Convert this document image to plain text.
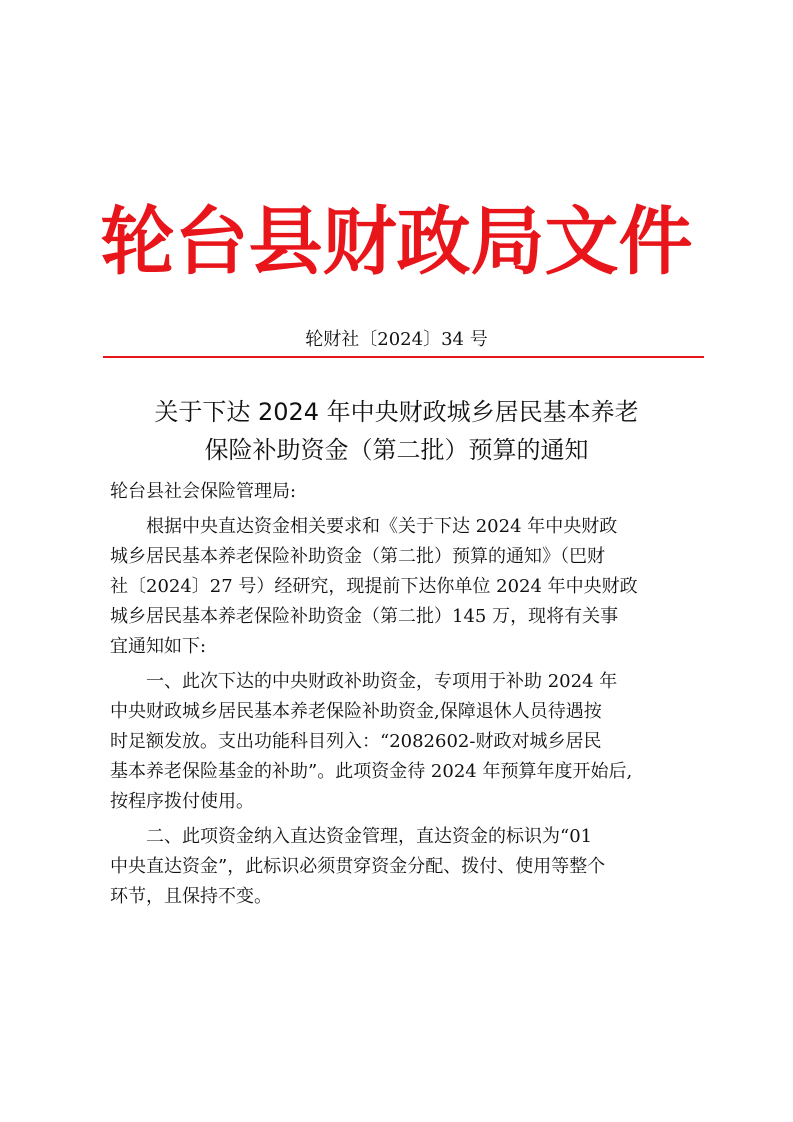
轮台县财政局文件
轮财社〔2024〕34 号
关于下达 2024 年中央财政城乡居民基本养老
保险补助资金（第二批）预算的通知
轮台县社会保险管理局:
根据中央直达资金相关要求和《关于下达 2024 年中央财政
城乡居民基本养老保险补助资金（第二批）预算的通知》（巴财
社〔2024〕27 号）经研究，现提前下达你单位 2024 年中央财政
城乡居民基本养老保险补助资金（第二批）145 万，现将有关事
宜通知如下:
一、此次下达的中央财政补助资金，专项用于补助 2024 年
中央财政城乡居民基本养老保险补助资金,保障退休人员待遇按
时足额发放。支出功能科目列入：“2082602-财政对城乡居民
基本养老保险基金的补助”。此项资金待 2024 年预算年度开始后,
按程序拨付使用。
二、此项资金纳入直达资金管理，直达资金的标识为“01
中央直达资金”，此标识必须贯穿资金分配、拨付、使用等整个
环节，且保持不变。
